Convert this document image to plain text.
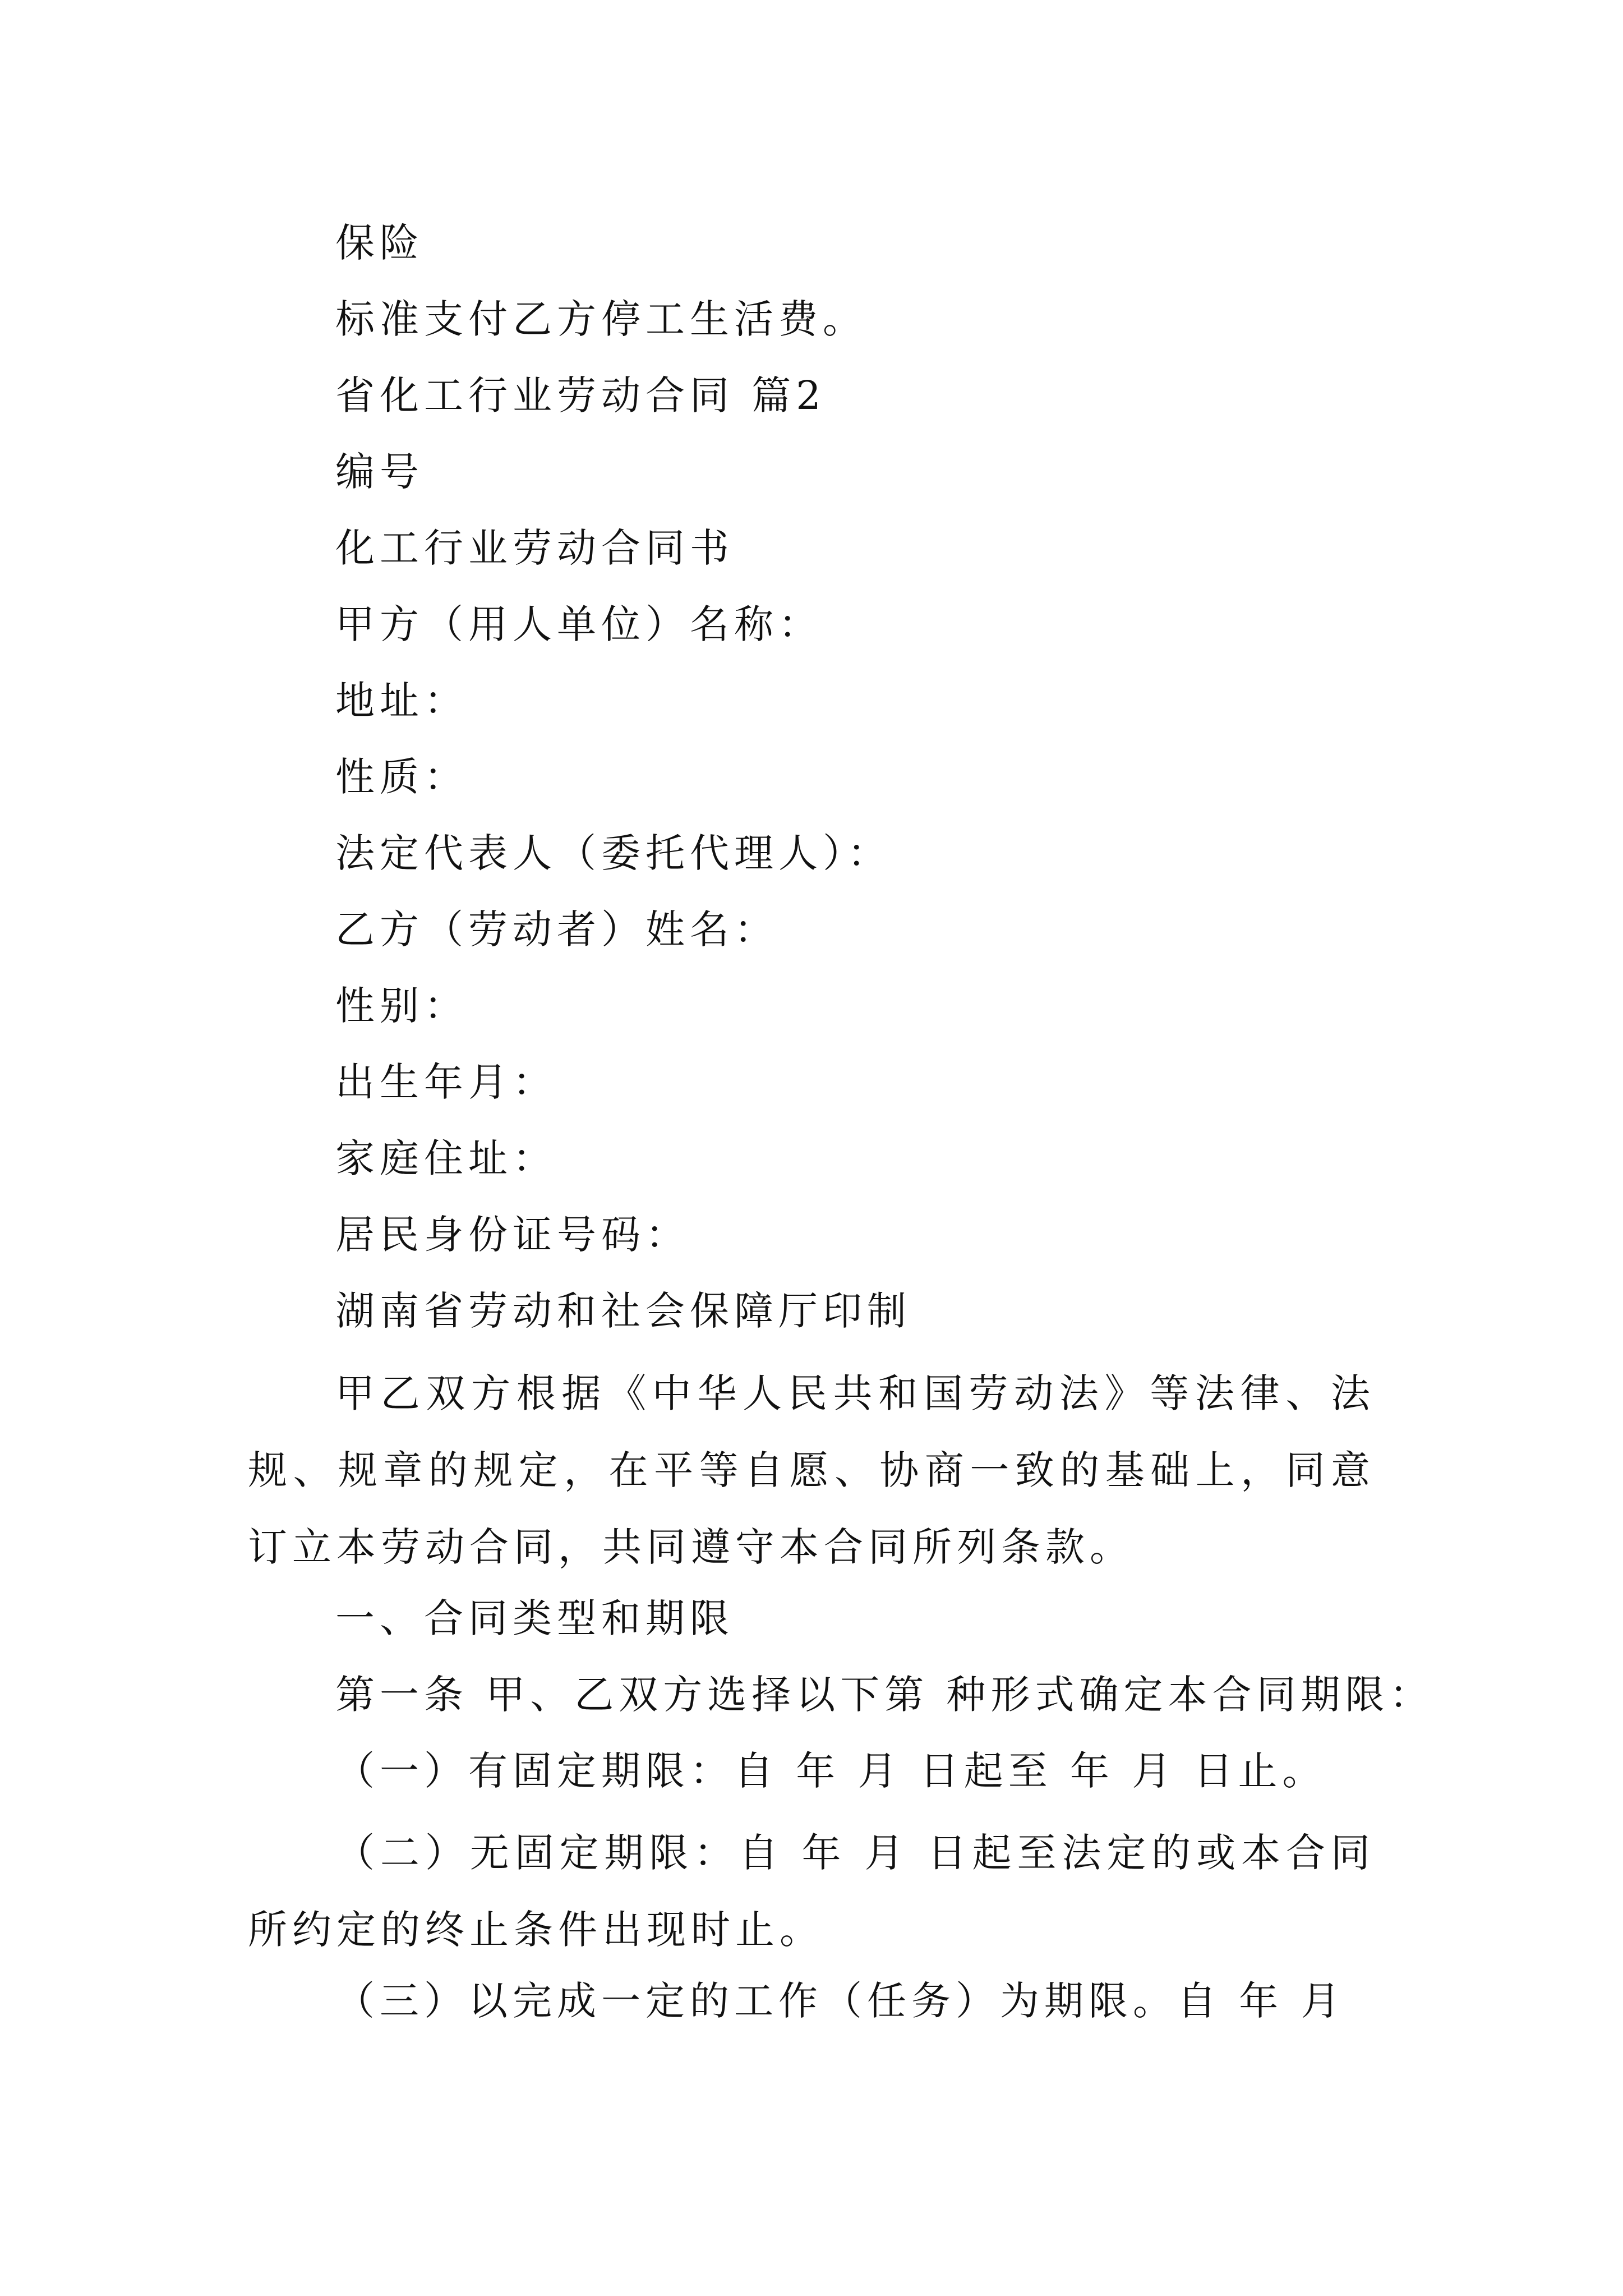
保险
标准支付乙方停工生活费。
省化工行业劳动合同 篇2
编号
化工行业劳动合同书
甲方（用人单位）名称：
地址：
性质：
法定代表人（委托代理人）：
乙方（劳动者）姓名：
性别：
出生年月：
家庭住址：
居民身份证号码：
湖南省劳动和社会保障厅印制
甲乙双方根据《中华人民共和国劳动法》等法律、法规、规章的规定，在平等自愿、协商一致的基础上，同意订立本劳动合同，共同遵守本合同所列条款。
一、合同类型和期限
第一条 甲、乙双方选择以下第 种形式确定本合同期限：
（一）有固定期限：自 年 月 日起至 年 月 日止。
（二）无固定期限：自 年 月 日起至法定的或本合同所约定的终止条件出现时止。
（三）以完成一定的工作（任务）为期限。自 年 月
